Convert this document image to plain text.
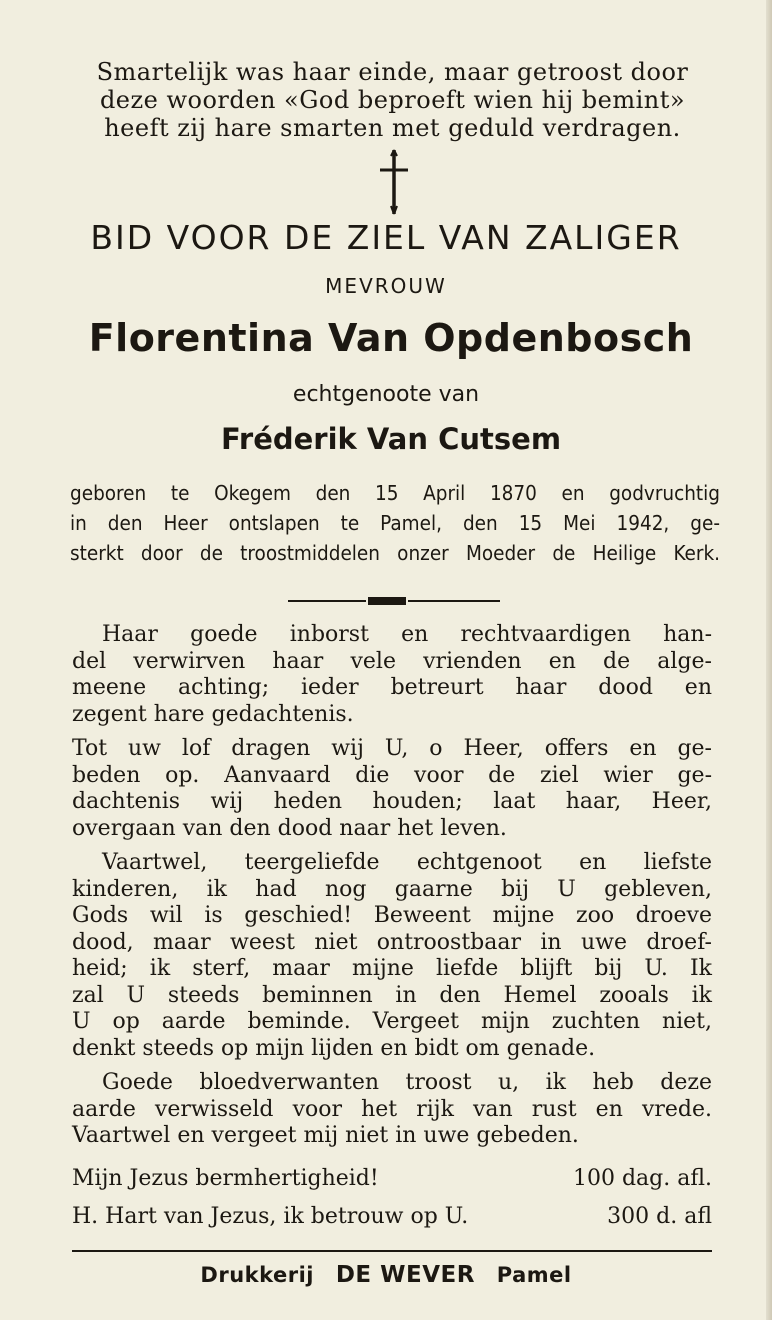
Smartelijk was haar einde, maar getroost door
deze woorden «God beproeft wien hij bemint»
heeft zij hare smarten met geduld verdragen.
BID VOOR DE ZIEL VAN ZALIGER
MEVROUW
Florentina Van Opdenbosch
echtgenoote van
Fréderik Van Cutsem
geboren te Okegem den 15 April 1870 en godvruchtig
in den Heer ontslapen te Pamel, den 15 Mei 1942, ge-
sterkt door de troostmiddelen onzer Moeder de Heilige Kerk.
Haar goede inborst en rechtvaardigen han-
del verwirven haar vele vrienden en de alge-
meene achting; ieder betreurt haar dood en
zegent hare gedachtenis.
Tot uw lof dragen wij U, o Heer, offers en ge-
beden op. Aanvaard die voor de ziel wier ge-
dachtenis wij heden houden; laat haar, Heer,
overgaan van den dood naar het leven.
Vaartwel, teergeliefde echtgenoot en liefste
kinderen, ik had nog gaarne bij U gebleven,
Gods wil is geschied! Beweent mijne zoo droeve
dood, maar weest niet ontroostbaar in uwe droef-
heid; ik sterf, maar mijne liefde blijft bij U. Ik
zal U steeds beminnen in den Hemel zooals ik
U op aarde beminde. Vergeet mijn zuchten niet,
denkt steeds op mijn lijden en bidt om genade.
Goede bloedverwanten troost u, ik heb deze
aarde verwisseld voor het rijk van rust en vrede.
Vaartwel en vergeet mij niet in uwe gebeden.
Mijn Jezus bermhertigheid!	100 dag. afl.
H. Hart van Jezus, ik betrouw op U.	300 d. afl
Drukkerij DE WEVER Pamel
